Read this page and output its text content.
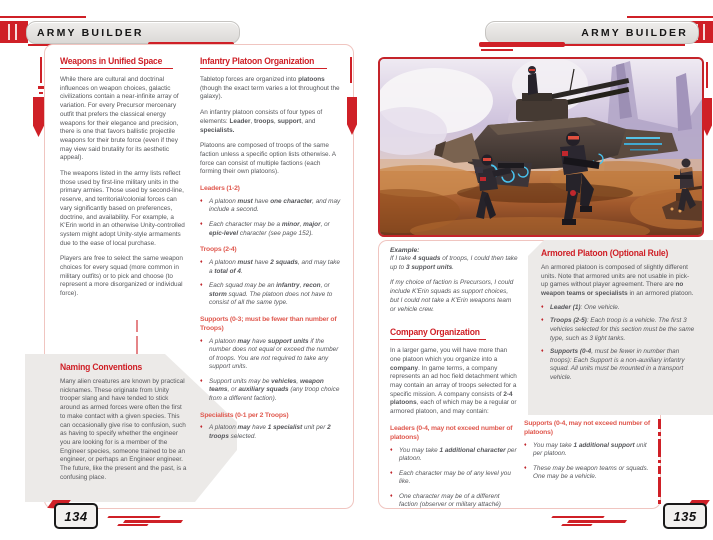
ARMY BUILDER
Weapons in Unified Space

While there are cultural and doctrinal influences on weapon choices, galactic civilizations contain a near-infinite array of variation. For every Precursor mercenary outfit that prefers the classical energy weapons for their elegance and precision, there is one that favors ballistic projectile weapons for their brute force (even if they may view said brutality for its aesthetic appeal).

The weapons listed in the army lists reflect those used by first-line military units in the primary armies. Those used by second-line, reserve, and territorial/colonial forces can vary significantly based on preferences, doctrine, and availability. For example, a K'Erin world in an otherwise Unity-controlled system might adopt Unity-style armaments due to the ease of local purchase.

Players are free to select the same weapon choices for every squad (more common in military outfits) or to pick and choose (to represent a more disorganized or individual force).

Naming Conventions

Many alien creatures are known by practical nicknames. These originate from Unity trooper slang and have tended to stick around as armed forces were often the first to make contact with a given species. This can occasionally give rise to confusion, such as having to specify whether the engineer you are looking for is a member of the Engineer species, someone trained to be an engineer, or perhaps an Engineer engineer. The future, like the present and the past, is a confusing place.

Infantry Platoon Organization

Tabletop forces are organized into platoons (though the exact term varies a lot throughout the galaxy).

An infantry platoon consists of four types of elements: Leader, troops, support, and specialists.

Platoons are composed of troops of the same faction unless a specific option lists otherwise. A force can consist of multiple factions (each forming their own platoons).

Leaders (1-2)
♦ A platoon must have one character, and may include a second.
♦ Each character may be a minor, major, or epic-level character (see page 152).
Troops (2-4)
♦ A platoon must have 2 squads, and may take a total of 4.
♦ Each squad may be an infantry, recon, or storm squad. The platoon does not have to consist of all the same type.
Supports (0-3; must be fewer than number of Troops)
♦ A platoon may have support units if the number does not equal or exceed the number of troops. You are not required to take any support units.
♦ Support units may be vehicles, weapon teams, or auxiliary squads (any troop choice from a different faction).
Specialists (0-1 per 2 Troops)
♦ A platoon may have 1 specialist unit per 2 troops selected.
134
ARMY BUILDER

Example:

If I take 4 squads of troops, I could then take up to 3 support units.

If my choice of faction is Precursors, I could include K'Erin squads as support choices, but I could not take a K'Erin weapons team or vehicle crew.

Company Organization

In a larger game, you will have more than one platoon which you organize into a company. In game terms, a company represents an ad hoc field detachment which may contain an array of troops selected for a specific mission. A company consists of 2-4 platoons, each of which may be a regular or armored platoon, and may contain:

Leaders (0-4, may not exceed number of platoons)
♦ You may take 1 additional character per platoon.
♦ Each character may be of any level you like.
♦ One character may be of a different faction (observer or military attaché)
Armored Platoon (Optional Rule)

An armored platoon is composed of slightly different units. Note that armored units are not usable in pick-up games without player agreement. There are no weapon teams or specialists in an armored platoon.

♦ Leader (1): One vehicle.
♦ Troops (2-5): Each troop is a vehicle. The first 3 vehicles selected for this section must be the same type, such as 3 light tanks.
♦ Supports (0-4, must be fewer in number than troops): Each Support is a non-auxiliary infantry squad. All units must be mounted in a transport vehicle.
Supports (0-4, may not exceed number of platoons)
♦ You may take 1 additional support unit per platoon.
♦ These may be weapon teams or squads. One may be a vehicle.
135
